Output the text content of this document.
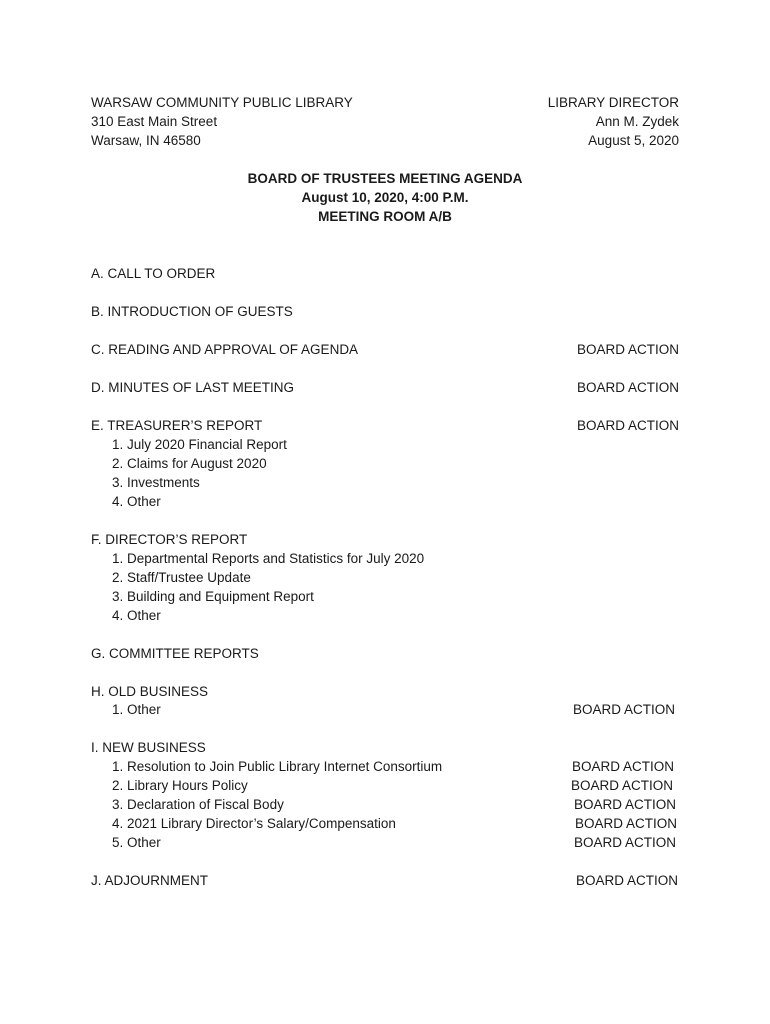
WARSAW COMMUNITY PUBLIC LIBRARY
310 East Main Street
Warsaw, IN 46580
LIBRARY DIRECTOR
Ann M. Zydek
August 5, 2020
BOARD OF TRUSTEES MEETING AGENDA
August 10, 2020, 4:00 P.M.
MEETING ROOM A/B
A. CALL TO ORDER
B. INTRODUCTION OF GUESTS
C. READING AND APPROVAL OF AGENDA	BOARD ACTION
D. MINUTES OF LAST MEETING	BOARD ACTION
E. TREASURER’S REPORT	BOARD ACTION
1. July 2020 Financial Report
2. Claims for August 2020
3. Investments
4. Other
F. DIRECTOR’S REPORT
1. Departmental Reports and Statistics for July 2020
2. Staff/Trustee Update
3. Building and Equipment Report
4. Other
G. COMMITTEE REPORTS
H. OLD BUSINESS
1. Other	BOARD ACTION
I. NEW BUSINESS
1. Resolution to Join Public Library Internet Consortium	BOARD ACTION
2. Library Hours Policy	BOARD ACTION
3. Declaration of Fiscal Body	BOARD ACTION
4. 2021 Library Director’s Salary/Compensation	BOARD ACTION
5. Other	BOARD ACTION
J. ADJOURNMENT	BOARD ACTION
